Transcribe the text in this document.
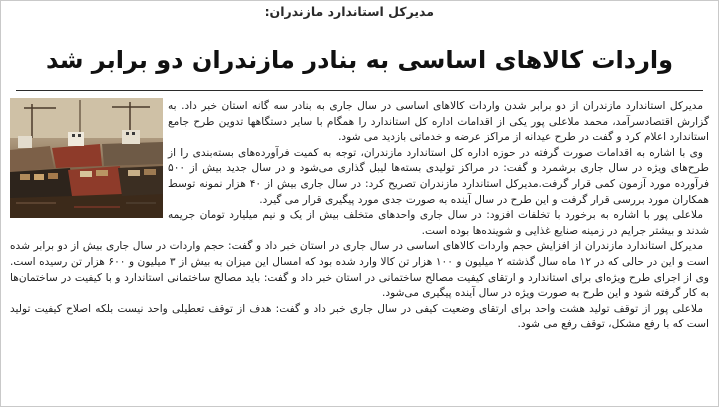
مدیرکل استاندارد مازندران:
واردات کالاهای اساسی به بنادر مازندران دو برابر شد

مدیرکل استاندارد مازندران از دو برابر شدن واردات کالاهای اساسی در سال جاری به بنادر سه گانه استان خبر داد. به گزارش اقتصادسرآمد، محمد ملاعلی پور یکی از اقدامات اداره کل استاندارد را همگام با سایر دستگاهها تدوین طرح جامع استاندارد اعلام کرد و گفت در طرح عیدانه از مراکز عرضه و خدماتی بازدید می شود.

وی با اشاره به اقدامات صورت گرفته در حوزه اداره کل استاندارد مازندران، توجه به کمیت فرآورده‌های بسته‌بندی را از طرح‌های ویژه در سال جاری برشمرد و گفت: در مراکز تولیدی بسته‌ها لیبل گذاری می‌شود و در سال جدید بیش از ۵۰۰ فرآورده مورد آزمون کمی قرار گرفت.مدیرکل استاندارد مازندران تصریح کرد: در سال جاری بیش از ۴۰ هزار نمونه توسط همکاران مورد بررسی قرار گرفت و این طرح در سال آینده به صورت جدی مورد پیگیری قرار می گیرد.

ملاعلی پور با اشاره به برخورد با تخلفات افزود: در سال جاری واحدهای متخلف بیش از یک و نیم میلیارد تومان جریمه شدند و بیشتر جرایم در زمینه صنایع غذایی و شوینده‌ها بوده است.

مدیرکل استاندارد مازندران از افزایش حجم واردات کالاهای اساسی در سال جاری در استان خبر داد و گفت: حجم واردات در سال جاری بیش از دو برابر شده است و این در حالی که در ۱۲ ماه سال گذشته ۲ میلیون و ۱۰۰ هزار تن کالا وارد شده بود که امسال این میزان به بیش از ۳ میلیون و ۶۰۰ هزار تن رسیده است. وی از اجرای طرح ویژه‌ای برای استاندارد و ارتقای کیفیت مصالح ساختمانی در استان خبر داد و گفت: باید مصالح ساختمانی استاندارد و با کیفیت در ساختمان‌ها به کار گرفته شود و این طرح به صورت ویژه در سال آینده پیگیری می‌شود.

ملاعلی پور از توقف تولید هشت واحد برای ارتقای وضعیت کیفی در سال جاری خبر داد و گفت: هدف از توقف تعطیلی واحد نیست بلکه اصلاح کیفیت تولید است که با رفع مشکل، توقف رفع می شود.
